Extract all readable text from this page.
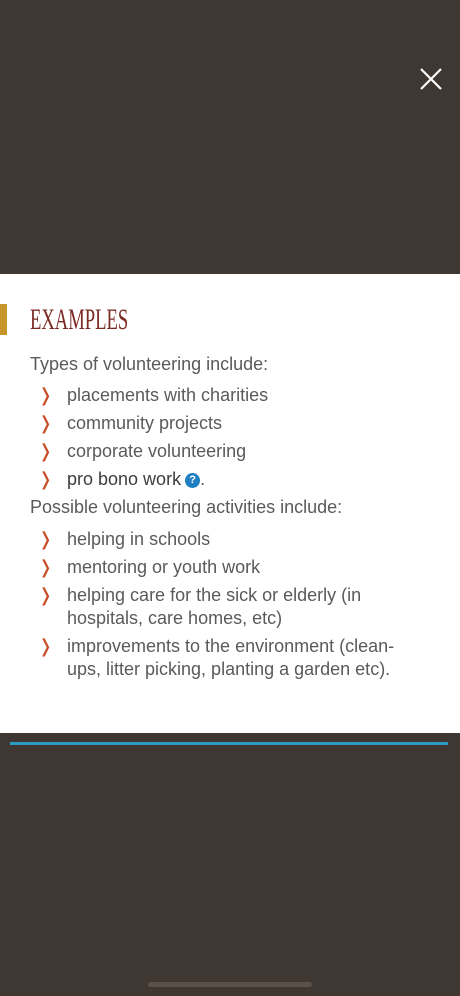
EXAMPLES
Types of volunteering include:
❭ placements with charities
❭ community projects
❭ corporate volunteering
❭ pro bono work ? .
Possible volunteering activities include:
❭ helping in schools
❭ mentoring or youth work
❭ helping care for the sick or elderly (in hospitals, care homes, etc)
❭ improvements to the environment (clean-ups, litter picking, planting a garden etc).
